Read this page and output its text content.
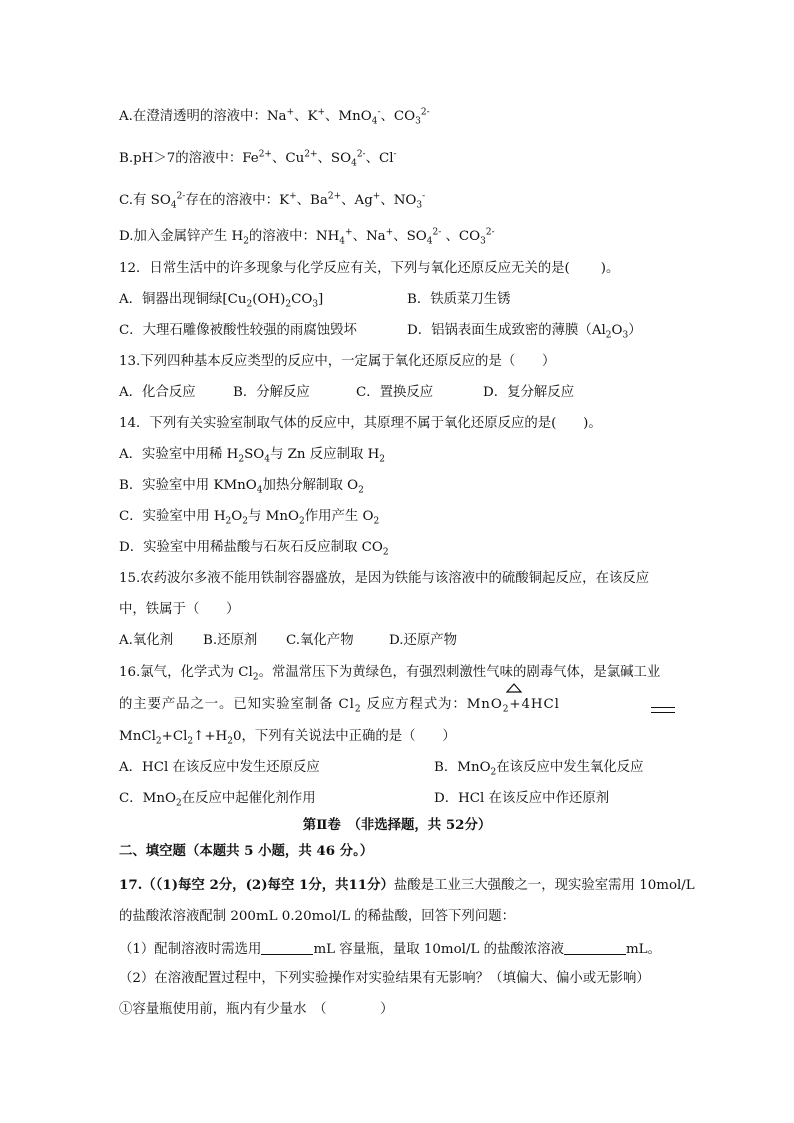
A.在澄清透明的溶液中：Na+、K+、MnO$_4$-、$CO_3^{2-}$
B.pH＞7的溶液中：$Fe^{2+}$、$Cu^{2+}$、$SO_4^{2-}$、Cl-
C.有 $SO_4^{2-}$存在的溶液中：K+、$Ba^{2+}$、Ag+、$NO_3^-$
D.加入金属锌产生 $H_2$的溶液中：$NH_4^+$、Na+、$SO_4^{2-}$ 、$CO_3^{2-}$
12．日常生活中的许多现象与化学反应有关，下列与氧化还原反应无关的是(　　 )。
A．铜器出现铜绿$[Cu_2(OH)_2CO_3]$	B．铁质菜刀生锈
C．大理石雕像被酸性较强的雨腐蚀毁坏	D．铝锅表面生成致密的薄膜$(Al_2O_3)$
13.下列四种基本反应类型的反应中，一定属于氧化还原反应的是（　　）
A．化合反应	B．分解反应	C．置换反应	D．复分解反应
14．下列有关实验室制取气体的反应中，其原理不属于氧化还原反应的是(　　)。
A．实验室中用稀 $H_2SO_4$与 Zn 反应制取 $H_2$
B．实验室中用 KMnO$_4$加热分解制取 $O_2$
C．实验室中用 $H_2O_2$与 MnO$_2$作用产生 $O_2$
D．实验室中用稀盐酸与石灰石反应制取 $CO_2$
15.农药波尔多液不能用铁制容器盛放，是因为铁能与该溶液中的硫酸铜起反应，在该反应
中，铁属于（　　）
A.氧化剂	B.还原剂 C.氧化产物	D.还原产物
16.氯气，化学式为 $Cl_2$。常温常压下为黄绿色，有强烈刺激性气味的剧毒气体，是氯碱工业
的主要产品之一。已知实验室制备 $Cl_2$ 反应方程式为：MnO$_2$+4HCl
$MnCl_2+Cl_2↑+H_20$，下列有关说法中正确的是（　　）
A．HCl 在该反应中发生还原反应	B．MnO$_2$在该反应中发生氧化反应
C．MnO$_2$在反应中起催化剂作用	D．HCl 在该反应中作还原剂
第Ⅱ卷　（非选择题，共 52分）
二、填空题（本题共 5 小题，共 46 分。）
17.（（1)每空 2分，(2)每空 1分，共11分）盐酸是工业三大强酸之一，现实验室需用 10mol/L
的盐酸浓溶液配制 200mL 0.20mol/L 的稀盐酸，回答下列问题：
（1）配制溶液时需选用	mL 容量瓶，量取 10mol/L 的盐酸浓溶液	mL。
（2）在溶液配置过程中，下列实验操作对实验结果有无影响？（填偏大、偏小或无影响）
①容量瓶使用前，瓶内有少量水　（　　　　）
